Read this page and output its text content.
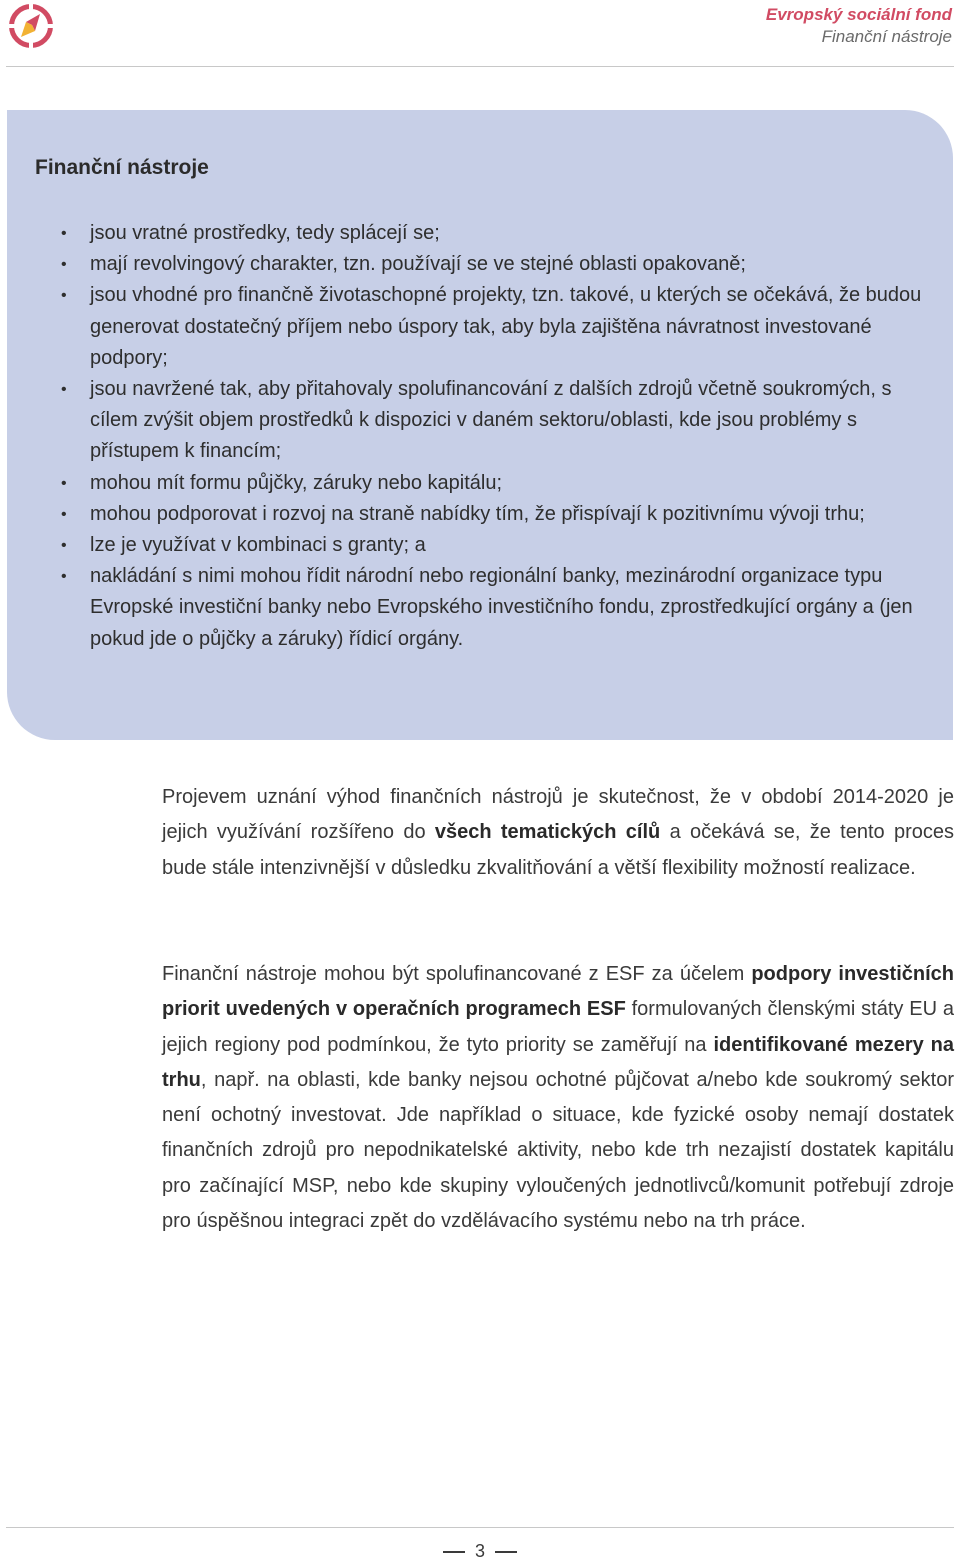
Evropský sociální fond
Finanční nástroje
Finanční nástroje
• jsou vratné prostředky, tedy splácejí se;
• mají revolvingový charakter, tzn. používají se ve stejné oblasti opakovaně;
• jsou vhodné pro finančně životaschopné projekty, tzn. takové, u kterých se očekává, že budou generovat dostatečný příjem nebo úspory tak, aby byla zajištěna návratnost investované podpory;
• jsou navržené tak, aby přitahovaly spolufinancování z dalších zdrojů včetně soukromých, s cílem zvýšit objem prostředků k dispozici v daném sektoru/oblasti, kde jsou problémy s přístupem k financím;
• mohou mít formu půjčky, záruky nebo kapitálu;
• mohou podporovat i rozvoj na straně nabídky tím, že přispívají k pozitivnímu vývoji trhu;
• lze je využívat v kombinaci s granty; a
• nakládání s nimi mohou řídit národní nebo regionální banky, mezinárodní organizace typu Evropské investiční banky nebo Evropského investičního fondu, zprostředkující orgány a (jen pokud jde o půjčky a záruky) řídicí orgány.

Projevem uznání výhod finančních nástrojů je skutečnost, že v období 2014-2020 je jejich využívání rozšířeno do všech tematických cílů a očekává se, že tento proces bude stále intenzivnější v důsledku zkvalitňování a větší flexibility možností realizace.

Finanční nástroje mohou být spolufinancované z ESF za účelem podpory investičních priorit uvedených v operačních programech ESF formulovaných členskými státy EU a jejich regiony pod podmínkou, že tyto priority se zaměřují na identifikované mezery na trhu, např. na oblasti, kde banky nejsou ochotné půjčovat a/nebo kde soukromý sektor není ochotný investovat. Jde například o situace, kde fyzické osoby nemají dostatek finančních zdrojů pro nepodnikatelské aktivity, nebo kde trh nezajistí dostatek kapitálu pro začínající MSP, nebo kde skupiny vyloučených jednotlivců/komunit potřebují zdroje pro úspěšnou integraci zpět do vzdělávacího systému nebo na trh práce.

3
